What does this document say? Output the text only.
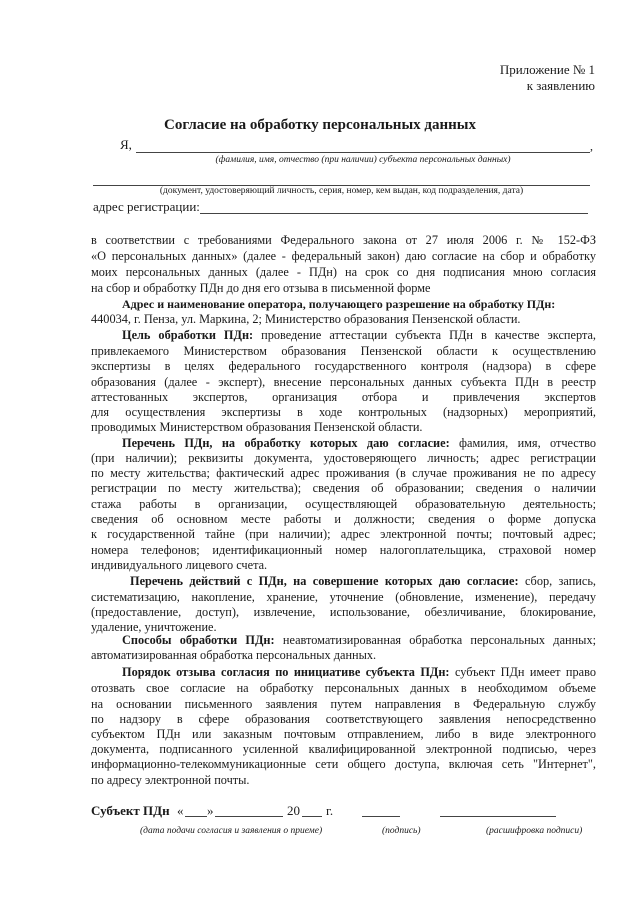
Приложение № 1
к заявлению
Согласие на обработку персональных данных
Я,	,
(фамилия, имя, отчество (при наличии) субъекта персональных данных)
(документ, удостоверяющий личность, серия, номер, кем выдан, код подразделения, дата)
адрес регистрации:
в соответствии с требованиями Федерального закона от 27 июля 2006 г. № 152-ФЗ
«О персональных данных» (далее - федеральный закон) даю согласие на сбор и обработку
моих персональных данных (далее - ПДн) на срок со дня подписания мною согласия
на сбор и обработку ПДн до дня его отзыва в письменной форме
Адрес и наименование оператора, получающего разрешение на обработку ПДн:
440034, г. Пенза, ул. Маркина, 2; Министерство образования Пензенской области.
Цель обработки ПДн: проведение аттестации субъекта ПДн в качестве эксперта,
привлекаемого Министерством образования Пензенской области к осуществлению
экспертизы в целях федерального государственного контроля (надзора) в сфере
образования (далее - эксперт), внесение персональных данных субъекта ПДн в реестр
аттестованных экспертов, организация отбора и привлечения экспертов
для осуществления экспертизы в ходе контрольных (надзорных) мероприятий,
проводимых Министерством образования Пензенской области.
Перечень ПДн, на обработку которых даю согласие: фамилия, имя, отчество
(при наличии); реквизиты документа, удостоверяющего личность; адрес регистрации
по месту жительства; фактический адрес проживания (в случае проживания не по адресу
регистрации по месту жительства); сведения об образовании; сведения о наличии
стажа работы в организации, осуществляющей образовательную деятельность;
сведения об основном месте работы и должности; сведения о форме допуска
к государственной тайне (при наличии); адрес электронной почты; почтовый адрес;
номера телефонов; идентификационный номер налогоплательщика, страховой номер
индивидуального лицевого счета.
Перечень действий с ПДн, на совершение которых даю согласие: сбор, запись,
систематизацию, накопление, хранение, уточнение (обновление, изменение), передачу
(предоставление, доступ), извлечение, использование, обезличивание, блокирование,
удаление, уничтожение.
Способы обработки ПДн: неавтоматизированная обработка персональных данных;
автоматизированная обработка персональных данных.
Порядок отзыва согласия по инициативе субъекта ПДн: субъект ПДн имеет право
отозвать свое согласие на обработку персональных данных в необходимом объеме
на основании письменного заявления путем направления в Федеральную службу
по надзору в сфере образования соответствующего заявления непосредственно
субъектом ПДн или заказным почтовым отправлением, либо в виде электронного
документа, подписанного усиленной квалифицированной электронной подписью, через
информационно-телекоммуникационные сети общего доступа, включая сеть "Интернет",
по адресу электронной почты.
Субъект ПДн « »	20 г.
(дата подачи согласия и заявления о приеме)	(подпись)	(расшифровка подписи)
